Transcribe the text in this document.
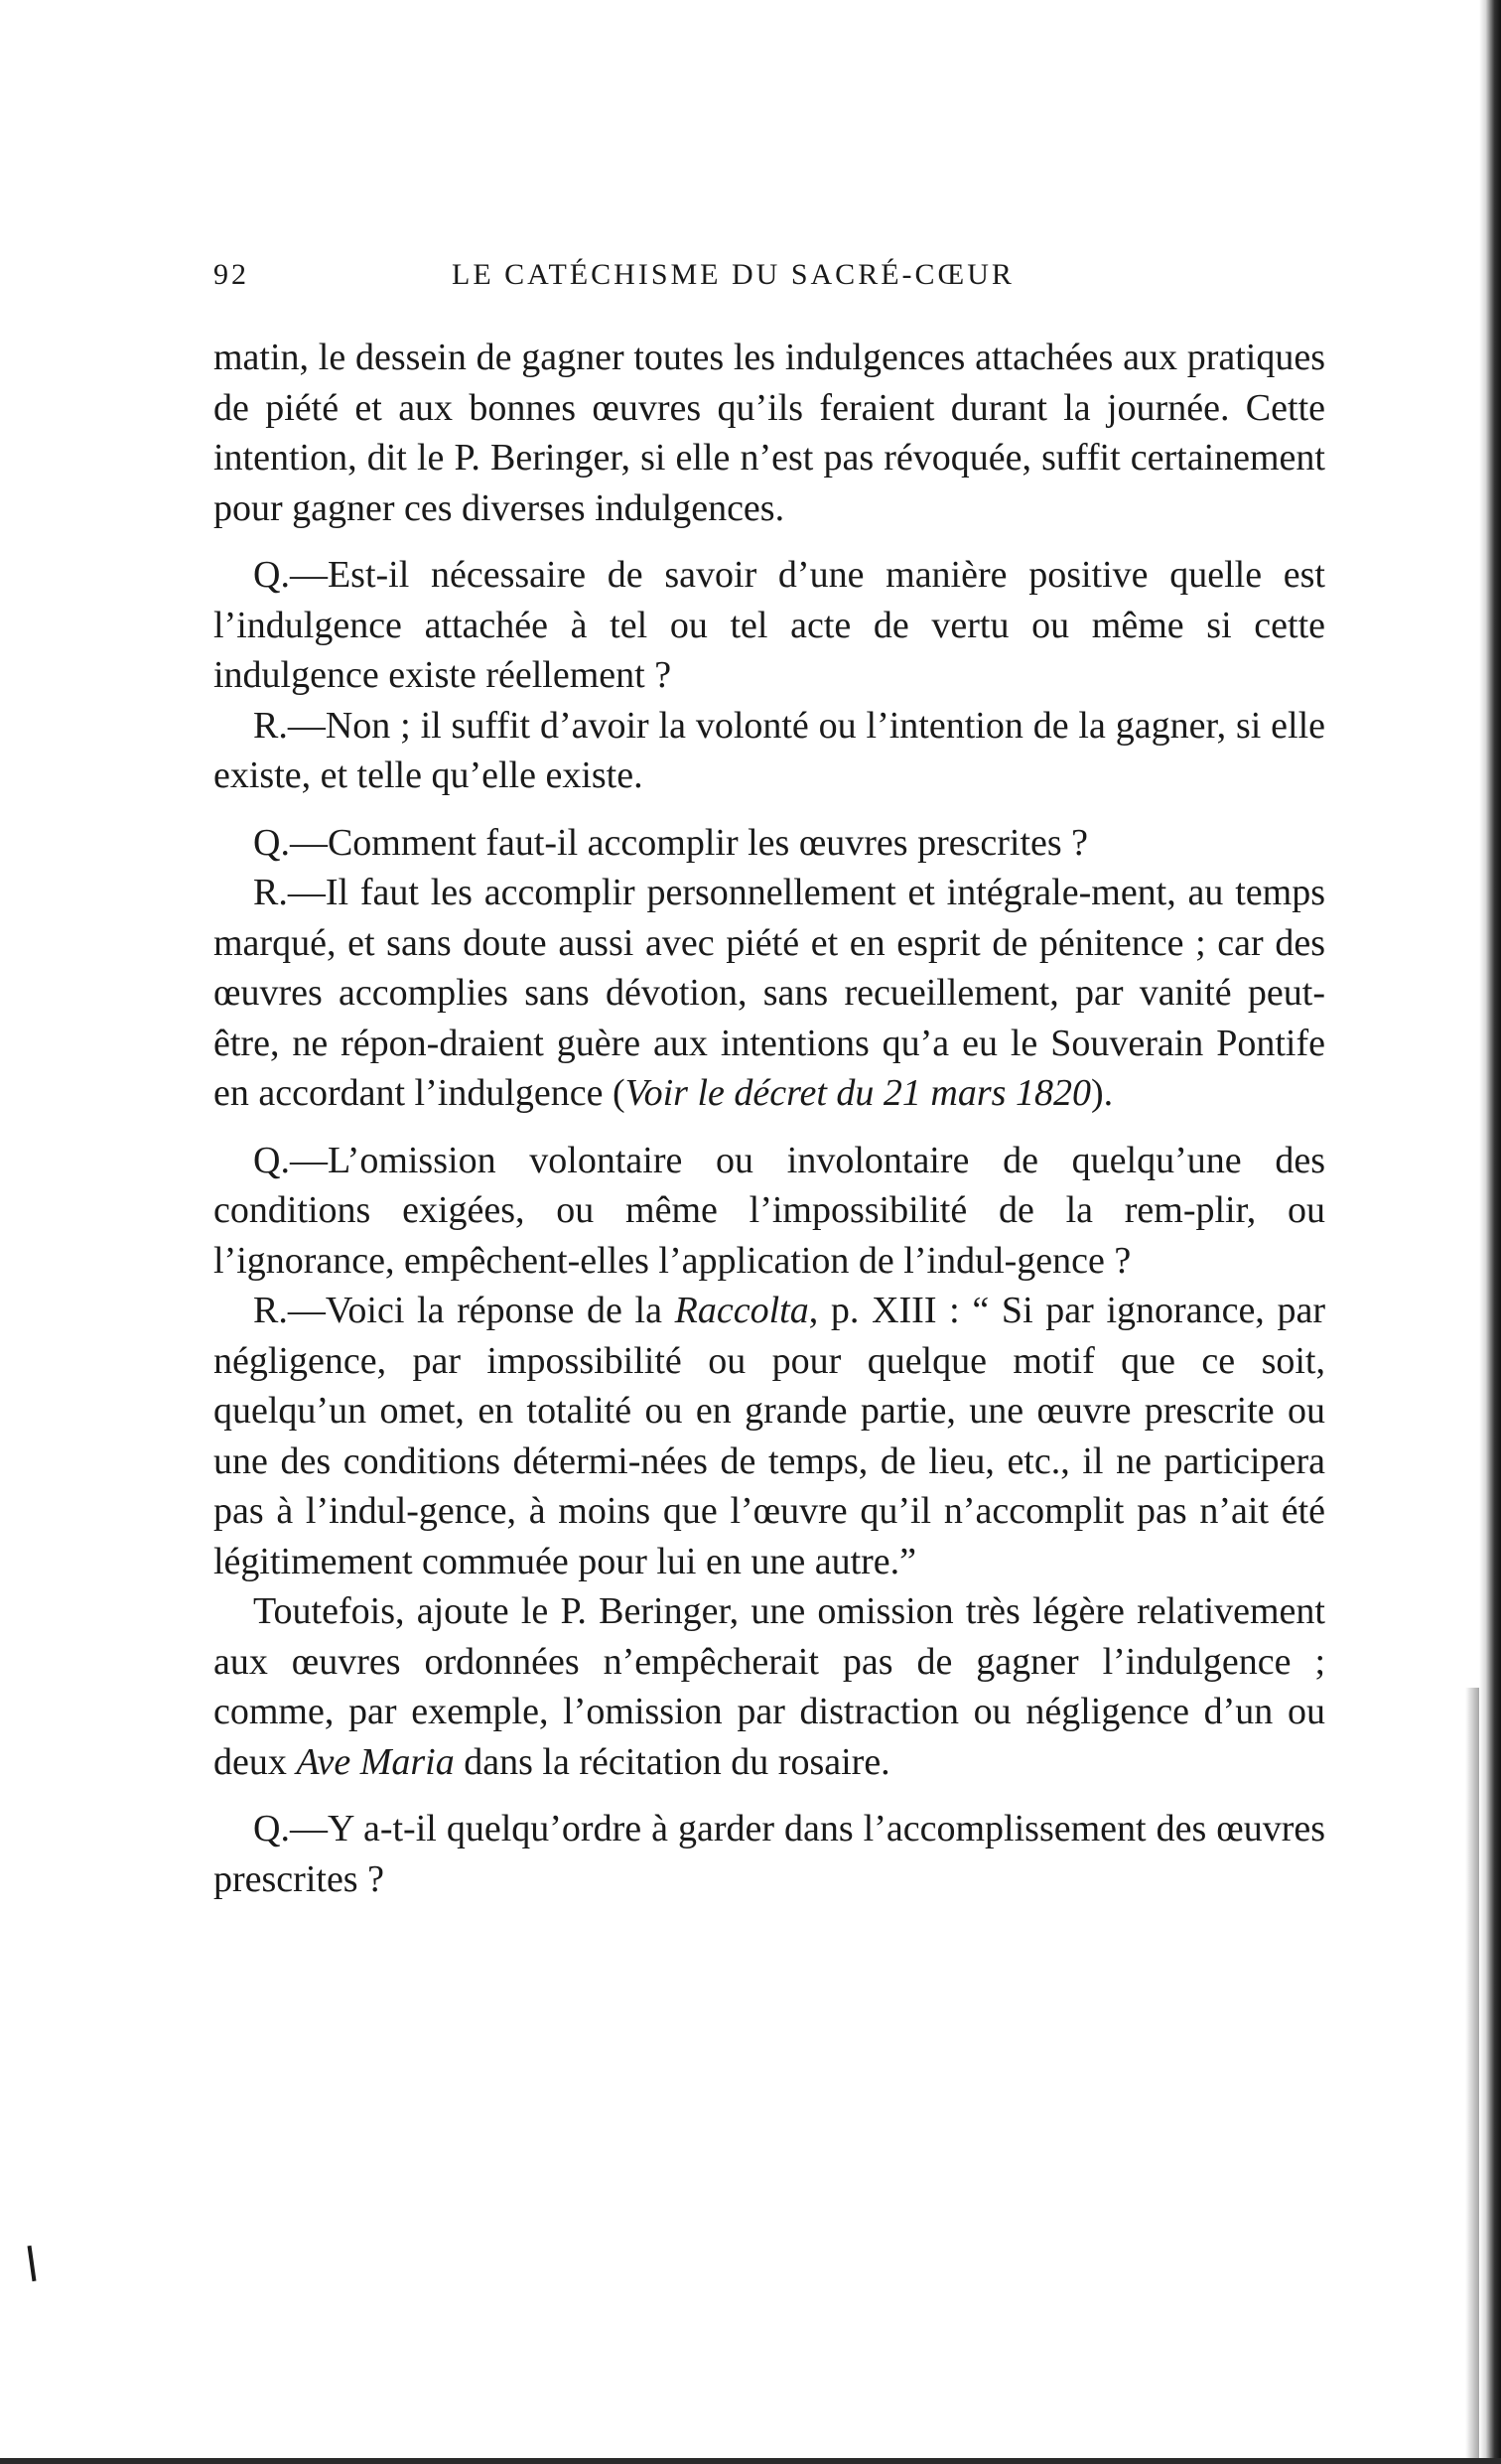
92	LE CATÉCHISME DU SACRÉ-CŒUR

matin, le dessein de gagner toutes les indulgences attachées aux pratiques de piété et aux bonnes œuvres qu’ils feraient durant la journée. Cette intention, dit le P. Beringer, si elle n’est pas révoquée, suffit certainement pour gagner ces diverses indulgences.

Q.—Est-il nécessaire de savoir d’une manière positive quelle est l’indulgence attachée à tel ou tel acte de vertu ou même si cette indulgence existe réellement ?

R.—Non ; il suffit d’avoir la volonté ou l’intention de la gagner, si elle existe, et telle qu’elle existe.

Q.—Comment faut-il accomplir les œuvres prescrites ?

R.—Il faut les accomplir personnellement et intégrale-ment, au temps marqué, et sans doute aussi avec piété et en esprit de pénitence ; car des œuvres accomplies sans dévotion, sans recueillement, par vanité peut-être, ne répon-draient guère aux intentions qu’a eu le Souverain Pontife en accordant l’indulgence (Voir le décret du 21 mars 1820).

Q.—L’omission volontaire ou involontaire de quelqu’une des conditions exigées, ou même l’impossibilité de la rem-plir, ou l’ignorance, empêchent-elles l’application de l’indul-gence ?

R.—Voici la réponse de la Raccolta, p. XIII : “ Si par ignorance, par négligence, par impossibilité ou pour quelque motif que ce soit, quelqu’un omet, en totalité ou en grande partie, une œuvre prescrite ou une des conditions détermi-nées de temps, de lieu, etc., il ne participera pas à l’indul-gence, à moins que l’œuvre qu’il n’accomplit pas n’ait été légitimement commuée pour lui en une autre.”

Toutefois, ajoute le P. Beringer, une omission très légère relativement aux œuvres ordonnées n’empêcherait pas de gagner l’indulgence ; comme, par exemple, l’omission par distraction ou négligence d’un ou deux Ave Maria dans la récitation du rosaire.

Q.—Y a-t-il quelqu’ordre à garder dans l’accomplissement des œuvres prescrites ?
